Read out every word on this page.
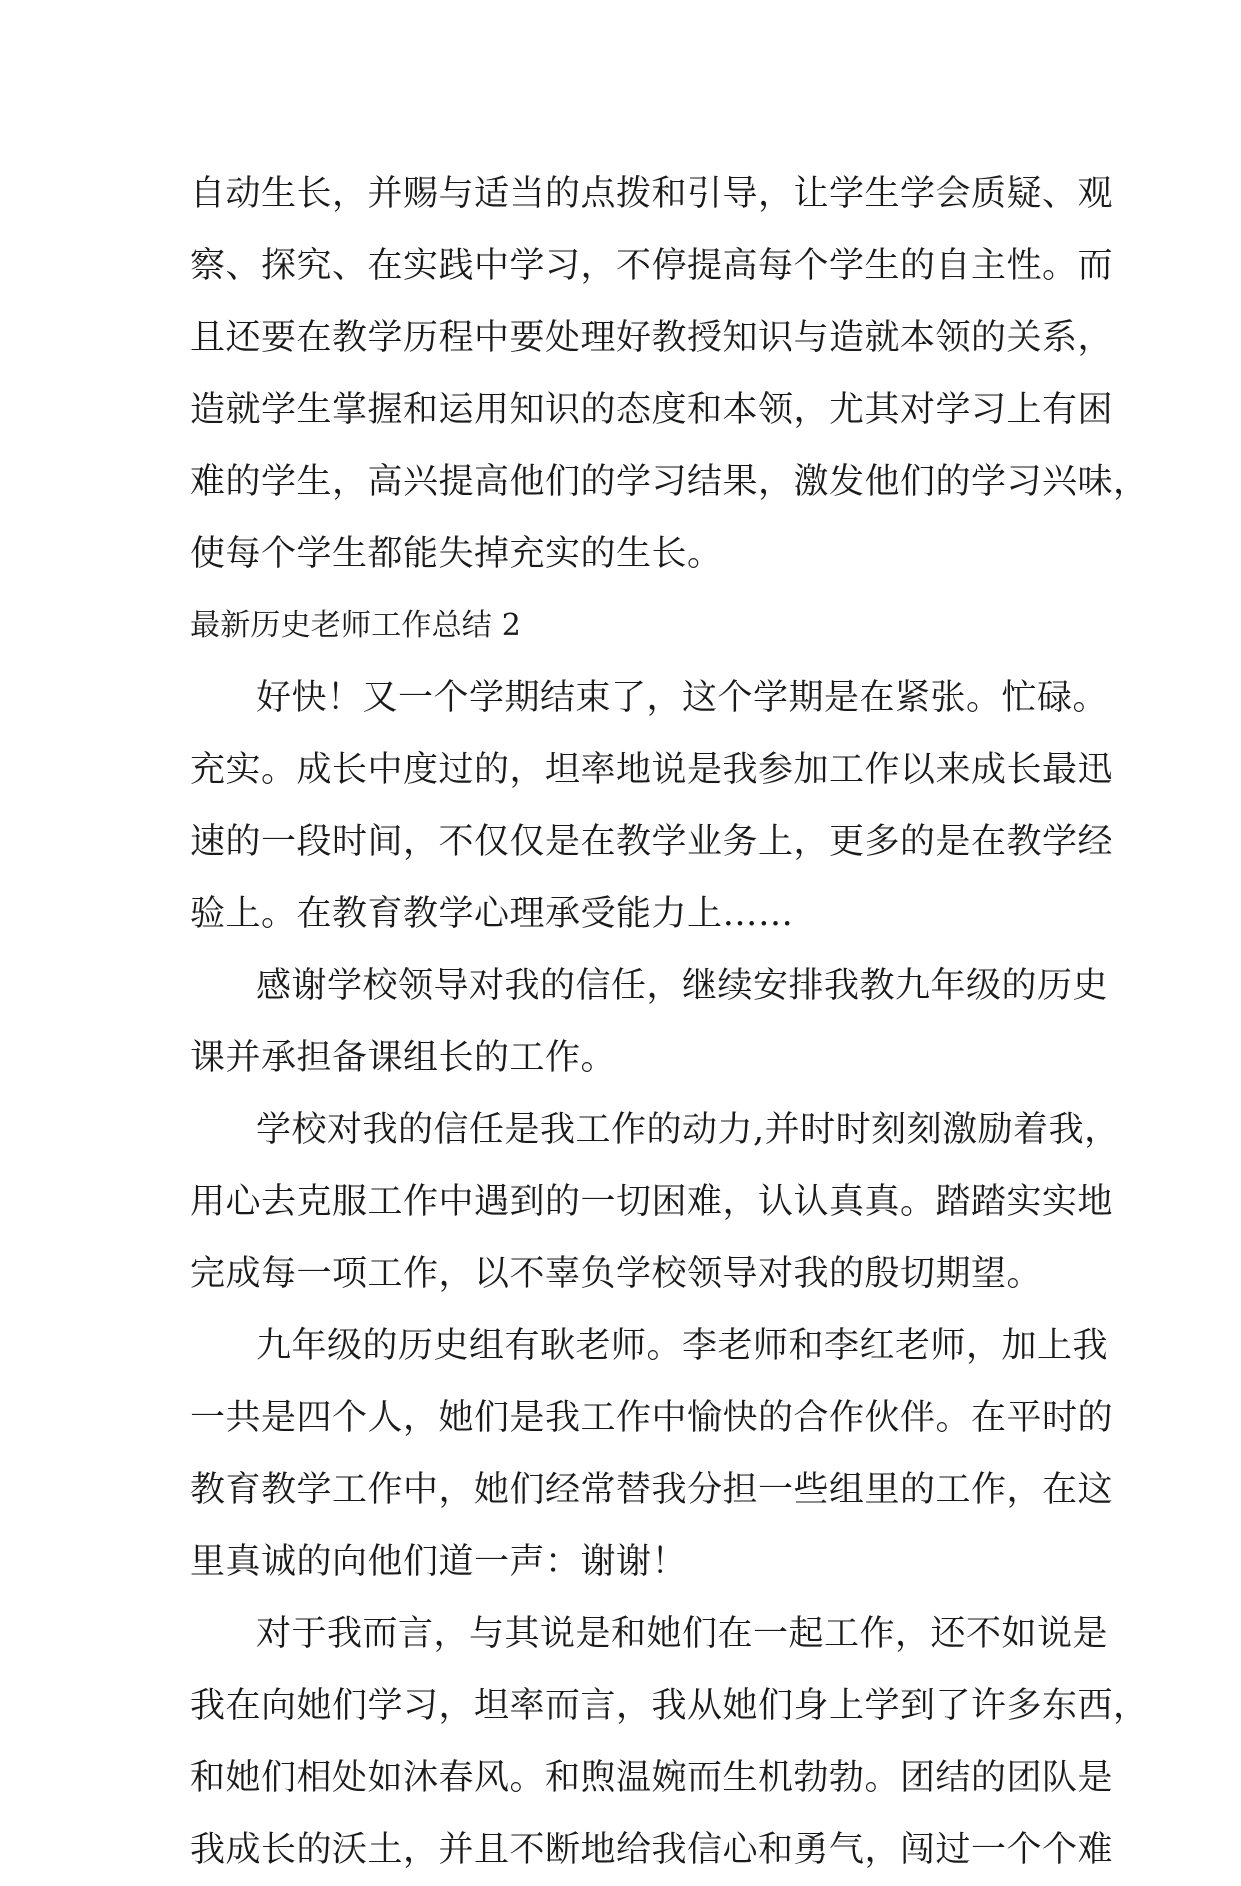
自动生长，并赐与适当的点拨和引导，让学生学会质疑、观
察、探究、在实践中学习，不停提高每个学生的自主性。而
且还要在教学历程中要处理好教授知识与造就本领的关系，
造就学生掌握和运用知识的态度和本领，尤其对学习上有困
难的学生，高兴提高他们的学习结果，激发他们的学习兴味，
使每个学生都能失掉充实的生长。
最新历史老师工作总结 2
好快！又一个学期结束了，这个学期是在紧张。忙碌。
充实。成长中度过的，坦率地说是我参加工作以来成长最迅
速的一段时间，不仅仅是在教学业务上，更多的是在教学经
验上。在教育教学心理承受能力上……
感谢学校领导对我的信任，继续安排我教九年级的历史
课并承担备课组长的工作。
学校对我的信任是我工作的动力,并时时刻刻激励着我，
用心去克服工作中遇到的一切困难，认认真真。踏踏实实地
完成每一项工作，以不辜负学校领导对我的殷切期望。
九年级的历史组有耿老师。李老师和李红老师，加上我
一共是四个人，她们是我工作中愉快的合作伙伴。在平时的
教育教学工作中，她们经常替我分担一些组里的工作，在这
里真诚的向他们道一声：谢谢！
对于我而言，与其说是和她们在一起工作，还不如说是
我在向她们学习，坦率而言，我从她们身上学到了许多东西，
和她们相处如沐春风。和煦温婉而生机勃勃。团结的团队是
我成长的沃土，并且不断地给我信心和勇气，闯过一个个难
